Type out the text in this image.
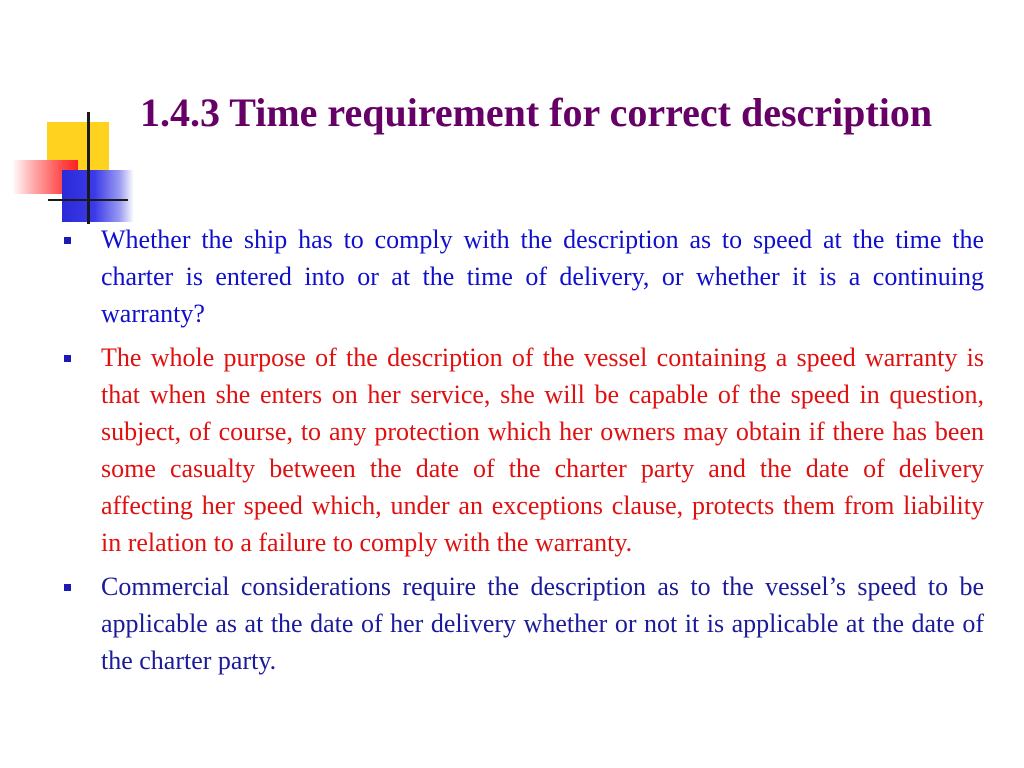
1.4.3 Time requirement for correct description

Whether the ship has to comply with the description as to speed at the time the charter is entered into or at the time of delivery, or whether it is a continuing warranty?

The whole purpose of the description of the vessel containing a speed warranty is that when she enters on her service, she will be capable of the speed in question, subject, of course, to any protection which her owners may obtain if there has been some casualty between the date of the charter party and the date of delivery affecting her speed which, under an exceptions clause, protects them from liability in relation to a failure to comply with the warranty.

Commercial considerations require the description as to the vessel’s speed to be applicable as at the date of her delivery whether or not it is applicable at the date of the charter party.
